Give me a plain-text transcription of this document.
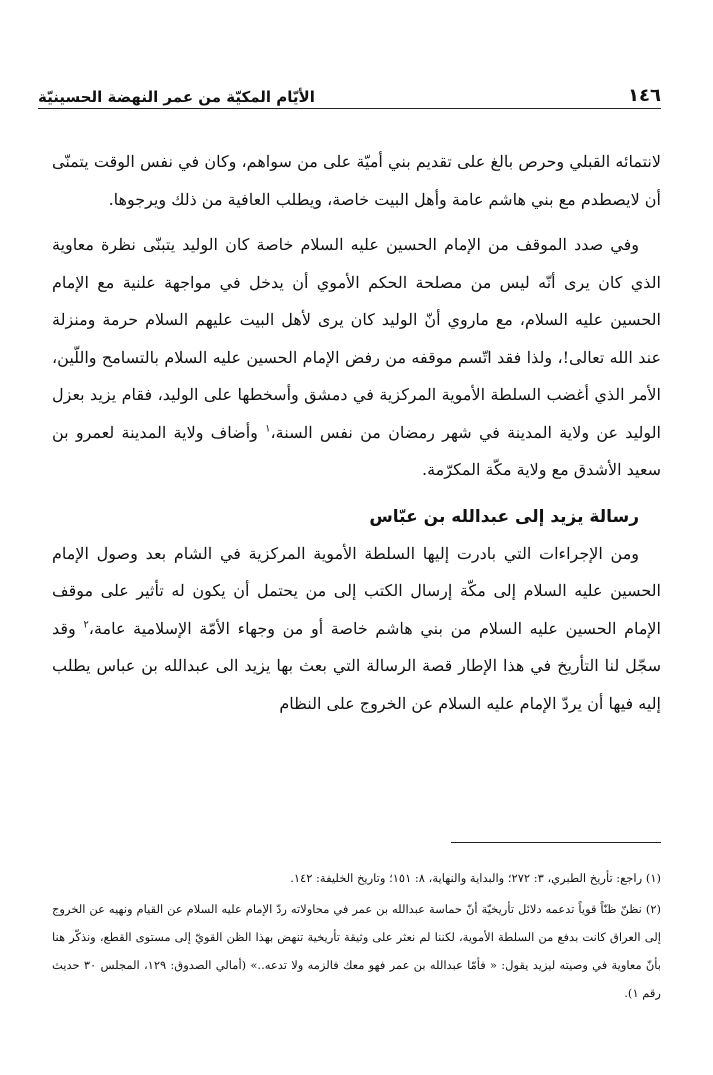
١٤٦
الأيّام المكيّة من عمر النهضة الحسينيّة

لانتمائه القبلي وحرص بالغ على تقديم بني أميّة على من سواهم، وكان في نفس الوقت يتمنّى أن لايصطدم مع بني هاشم عامة وأهل البيت خاصة، ويطلب العافية من ذلك ويرجوها.

وفي صدد الموقف من الإمام الحسين عليه السلام خاصة كان الوليد يتبنّى نظرة معاوية الذي كان يرى أنّه ليس من مصلحة الحكم الأموي أن يدخل في مواجهة علنية مع الإمام الحسين عليه السلام، مع ماروي أنّ الوليد كان يرى لأهل البيت عليهم السلام حرمة ومنزلة عند الله تعالى!، ولذا فقد اتّسم موقفه من رفض الإمام الحسين عليه السلام بالتسامح واللّين، الأمر الذي أغضب السلطة الأموية المركزية في دمشق وأسخطها على الوليد، فقام يزيد بعزل الوليد عن ولاية المدينة في شهر رمضان من نفس السنة،$^١$ وأضاف ولاية المدينة لعمرو بن سعيد الأشدق مع ولاية مكّة المكرّمة.

رسالة يزيد إلى عبدالله بن عبّاس

ومن الإجراءات التي بادرت إليها السلطة الأموية المركزية في الشام بعد وصول الإمام الحسين عليه السلام إلى مكّة إرسال الكتب إلى من يحتمل أن يكون له تأثير على موقف الإمام الحسين عليه السلام من بني هاشم خاصة أو من وجهاء الأمّة الإسلامية عامة،$^٢$ وقد سجّل لنا التأريخ في هذا الإطار قصة الرسالة التي بعث بها يزيد الى عبدالله بن عباس يطلب إليه فيها أن يردّ الإمام عليه السلام عن الخروج على النظام

(١) راجع: تأريخ الطبري، ٣: ٢٧٢؛ والبداية والنهاية، ٨: ١٥١؛ وتاريخ الخليفة: ١٤٢.

(٢) نظنّ ظنّاً قوياً تدعمه دلائل تأريخيّة أنّ حماسة عبدالله بن عمر في محاولاته ردّ الإمام عليه السلام عن القيام ونهيه عن الخروج إلى العراق كانت بدفع من السلطة الأموية، لكننا لم نعثر على وثيقة تأريخية تنهض بهذا الظن القويّ إلى مستوى القطع، ونذكّر هنا بأنّ معاوية في وصيته ليزيد يقول: « فأمّا عبدالله بن عمر فهو معك فالزمه ولا تدعه..» (أمالي الصدوق: ١٢٩، المجلس ٣٠ حديث رقم ١).
